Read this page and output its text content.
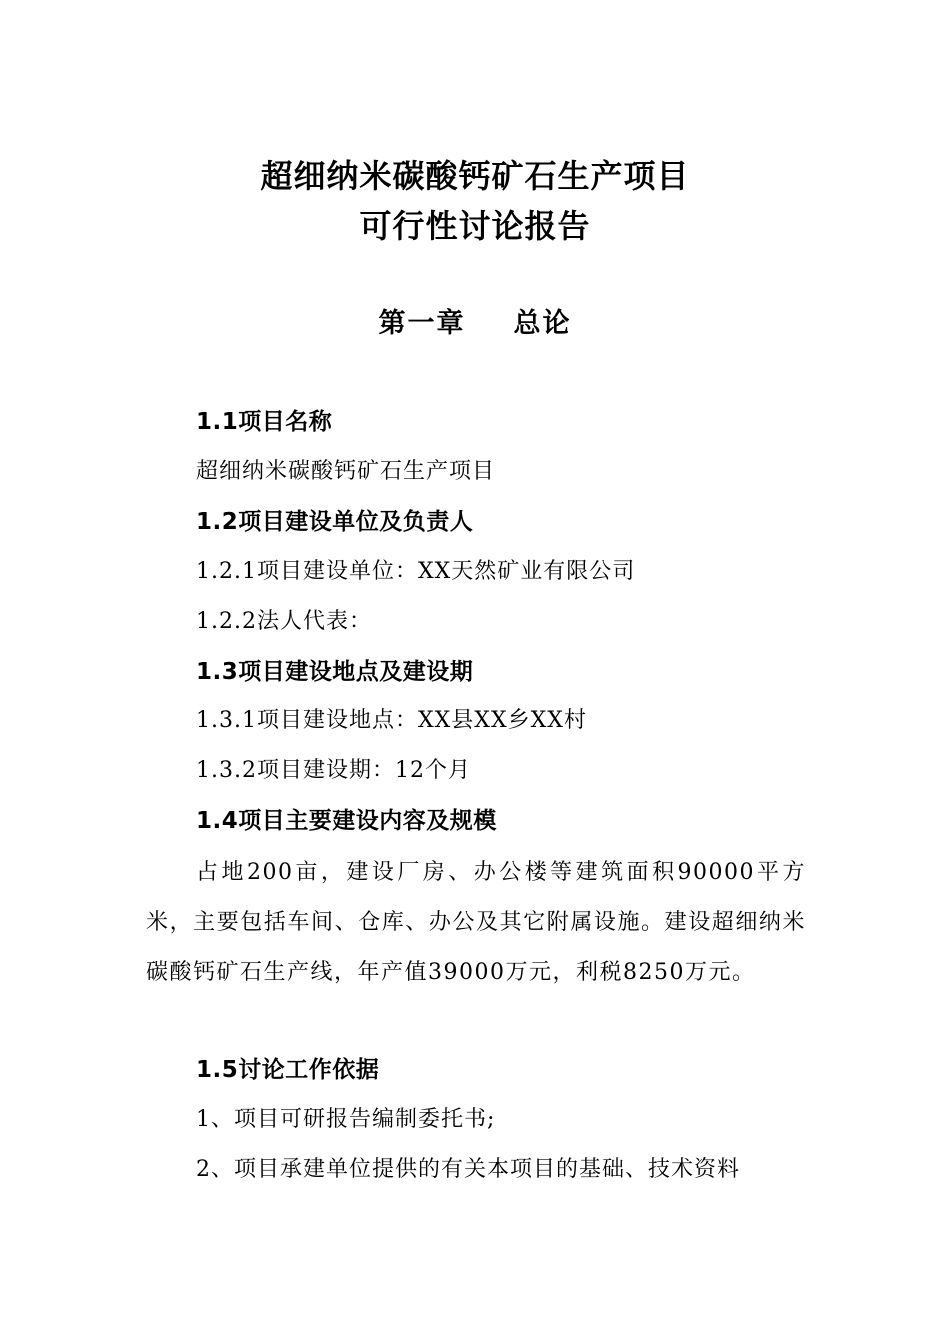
超细纳米碳酸钙矿石生产项目
可行性讨论报告
第一章 总论
1.1项目名称
超细纳米碳酸钙矿石生产项目
1.2项目建设单位及负责人
1.2.1项目建设单位：XX天然矿业有限公司
1.2.2法人代表：
1.3项目建设地点及建设期
1.3.1项目建设地点：XX县XX乡XX村
1.3.2项目建设期：12个月
1.4项目主要建设内容及规模
占地200亩，建设厂房、办公楼等建筑面积90000平方米，主要包括车间、仓库、办公及其它附属设施。建设超细纳米碳酸钙矿石生产线，年产值39000万元，利税8250万元。
1.5讨论工作依据
1、项目可研报告编制委托书;
2、项目承建单位提供的有关本项目的基础、技术资料
